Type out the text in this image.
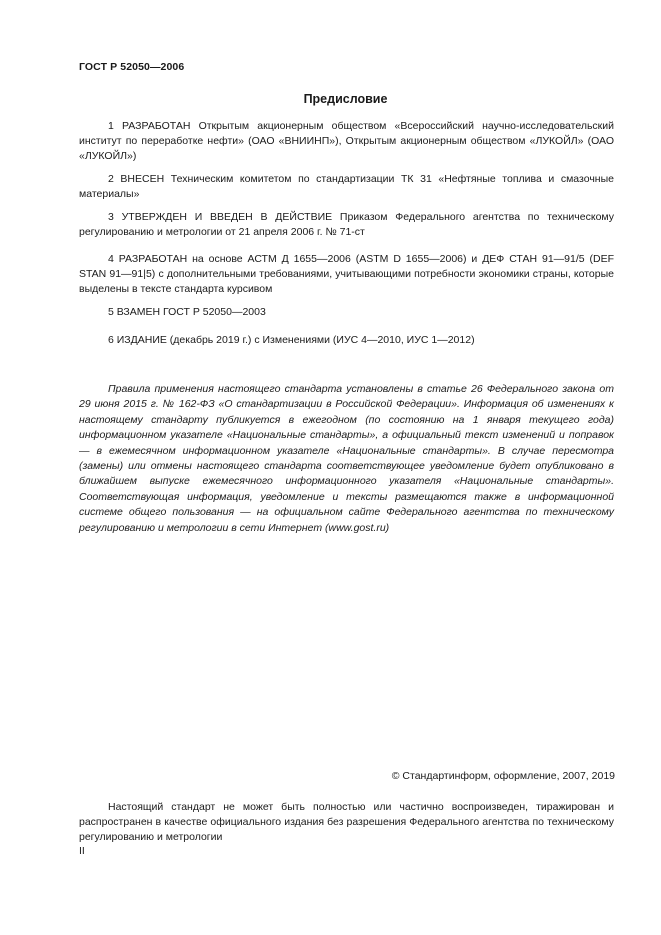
ГОСТ Р 52050—2006
Предисловие

1 РАЗРАБОТАН Открытым акционерным обществом «Всероссийский научно-исследовательский институт по переработке нефти» (ОАО «ВНИИНП»), Открытым акционерным обществом «ЛУКОЙЛ» (ОАО «ЛУКОЙЛ»)

2 ВНЕСЕН Техническим комитетом по стандартизации ТК 31 «Нефтяные топлива и смазочные материалы»

3 УТВЕРЖДЕН И ВВЕДЕН В ДЕЙСТВИЕ Приказом Федерального агентства по техническому регулированию и метрологии от 21 апреля 2006 г. № 71-ст

4 РАЗРАБОТАН на основе АСТМ Д 1655—2006 (ASTM D 1655—2006) и ДЕФ СТАН 91—91/5 (DEF STAN 91—91|5) с дополнительными требованиями, учитывающими потребности экономики страны, которые выделены в тексте стандарта курсивом

5 ВЗАМЕН ГОСТ Р 52050—2003

6 ИЗДАНИЕ (декабрь 2019 г.) с Изменениями (ИУС 4—2010, ИУС 1—2012)

Правила применения настоящего стандарта установлены в статье 26 Федерального закона от 29 июня 2015 г. № 162-ФЗ «О стандартизации в Российской Федерации». Информация об изменениях к настоящему стандарту публикуется в ежегодном (по состоянию на 1 января текущего года) информационном указателе «Национальные стандарты», а официальный текст изменений и поправок — в ежемесячном информационном указателе «Национальные стандарты». В случае пересмотра (замены) или отмены настоящего стандарта соответствующее уведомление будет опубликовано в ближайшем выпуске ежемесячного информационного указателя «Национальные стандарты». Соответствующая информация, уведомление и тексты размещаются также в информационной системе общего пользования — на официальном сайте Федерального агентства по техническому регулированию и метрологии в сети Интернет (www.gost.ru)

© Стандартинформ, оформление, 2007, 2019

Настоящий стандарт не может быть полностью или частично воспроизведен, тиражирован и распространен в качестве официального издания без разрешения Федерального агентства по техническому регулированию и метрологии

II
